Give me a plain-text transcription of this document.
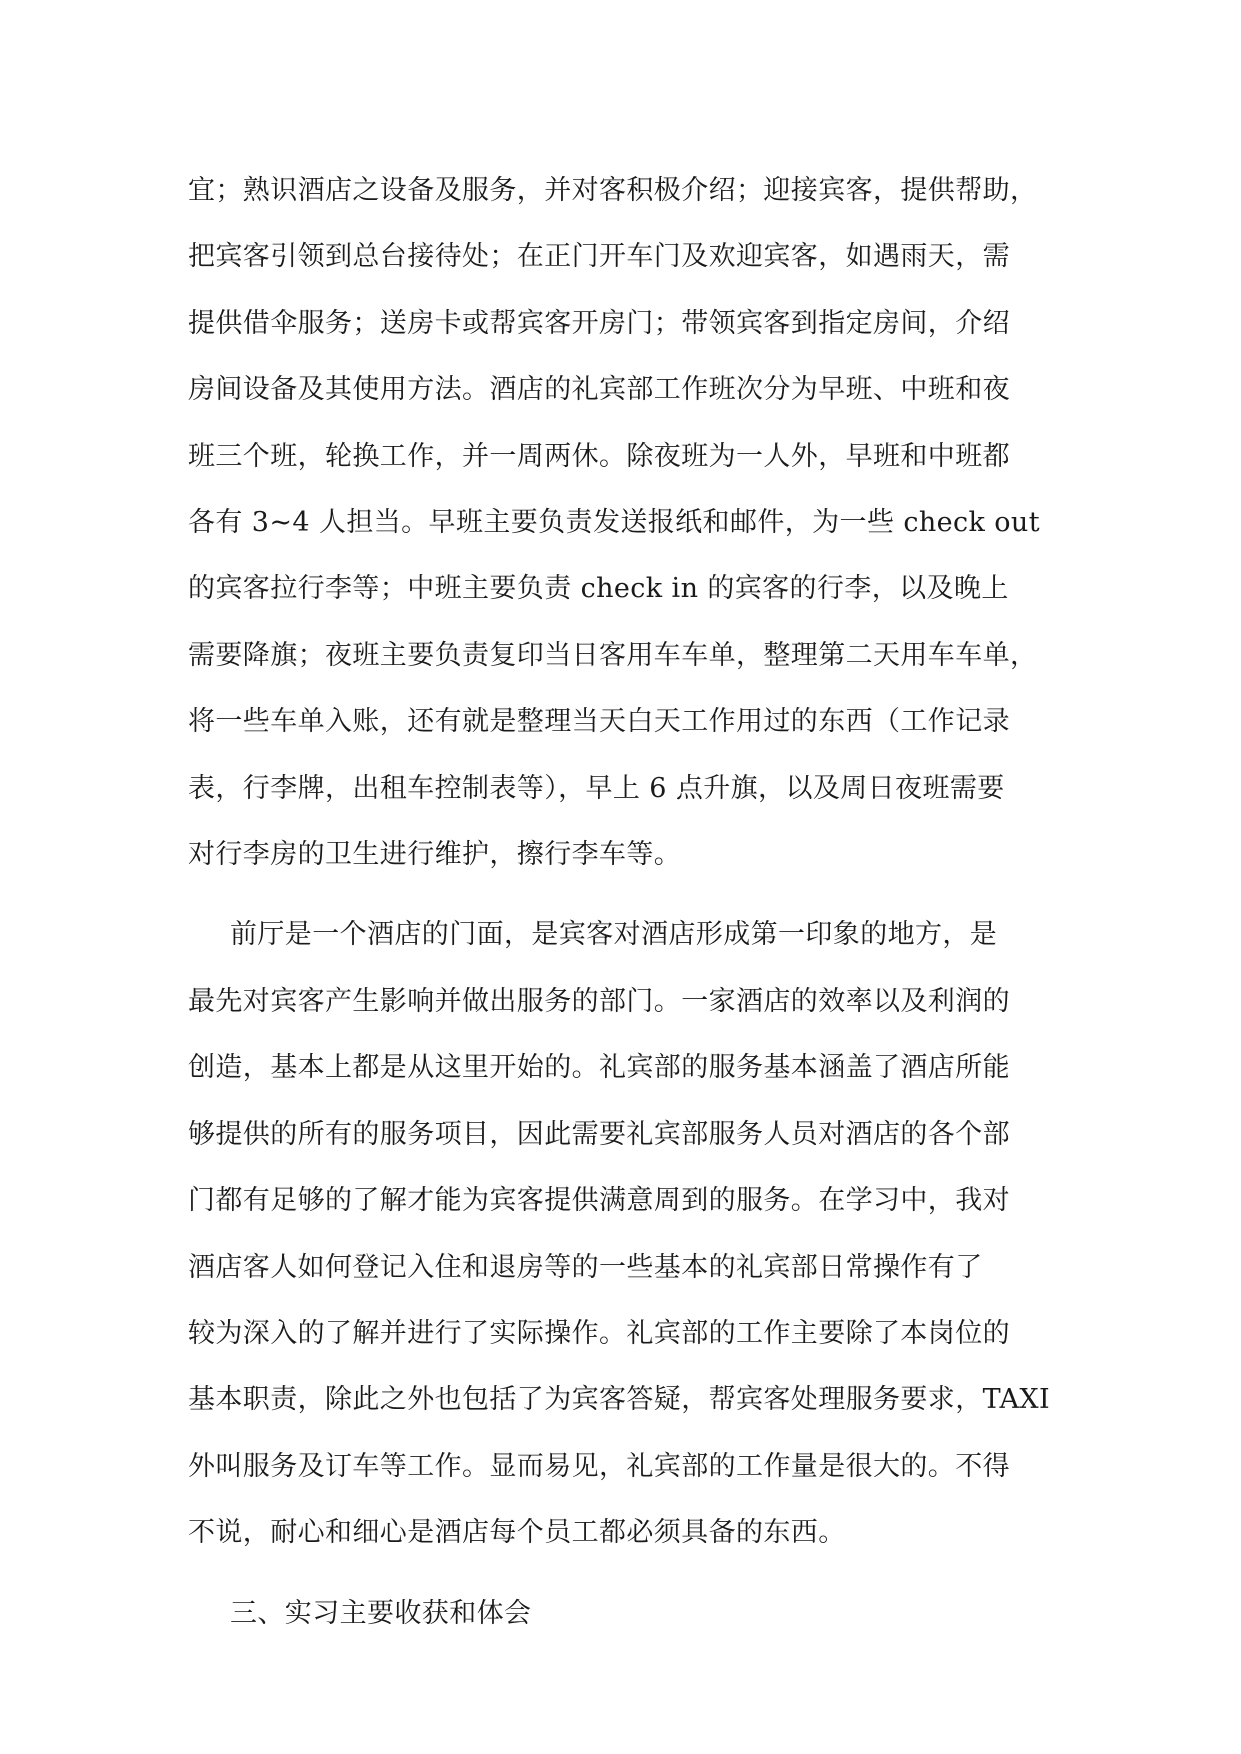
宜；熟识酒店之设备及服务，并对客积极介绍；迎接宾客，提供帮助，
把宾客引领到总台接待处；在正门开车门及欢迎宾客，如遇雨天，需
提供借伞服务；送房卡或帮宾客开房门；带领宾客到指定房间，介绍
房间设备及其使用方法。酒店的礼宾部工作班次分为早班、中班和夜
班三个班，轮换工作，并一周两休。除夜班为一人外，早班和中班都
各有 3~4 人担当。早班主要负责发送报纸和邮件，为一些 check out
的宾客拉行李等；中班主要负责 check in 的宾客的行李，以及晚上
需要降旗；夜班主要负责复印当日客用车车单，整理第二天用车车单，
将一些车单入账，还有就是整理当天白天工作用过的东西（工作记录
表，行李牌，出租车控制表等），早上 6 点升旗，以及周日夜班需要
对行李房的卫生进行维护，擦行李车等。

前厅是一个酒店的门面，是宾客对酒店形成第一印象的地方，是
最先对宾客产生影响并做出服务的部门。一家酒店的效率以及利润的
创造，基本上都是从这里开始的。礼宾部的服务基本涵盖了酒店所能
够提供的所有的服务项目，因此需要礼宾部服务人员对酒店的各个部
门都有足够的了解才能为宾客提供满意周到的服务。在学习中，我对
酒店客人如何登记入住和退房等的一些基本的礼宾部日常操作有了
较为深入的了解并进行了实际操作。礼宾部的工作主要除了本岗位的
基本职责，除此之外也包括了为宾客答疑，帮宾客处理服务要求，TAXI
外叫服务及订车等工作。显而易见，礼宾部的工作量是很大的。不得
不说，耐心和细心是酒店每个员工都必须具备的东西。

三、实习主要收获和体会
